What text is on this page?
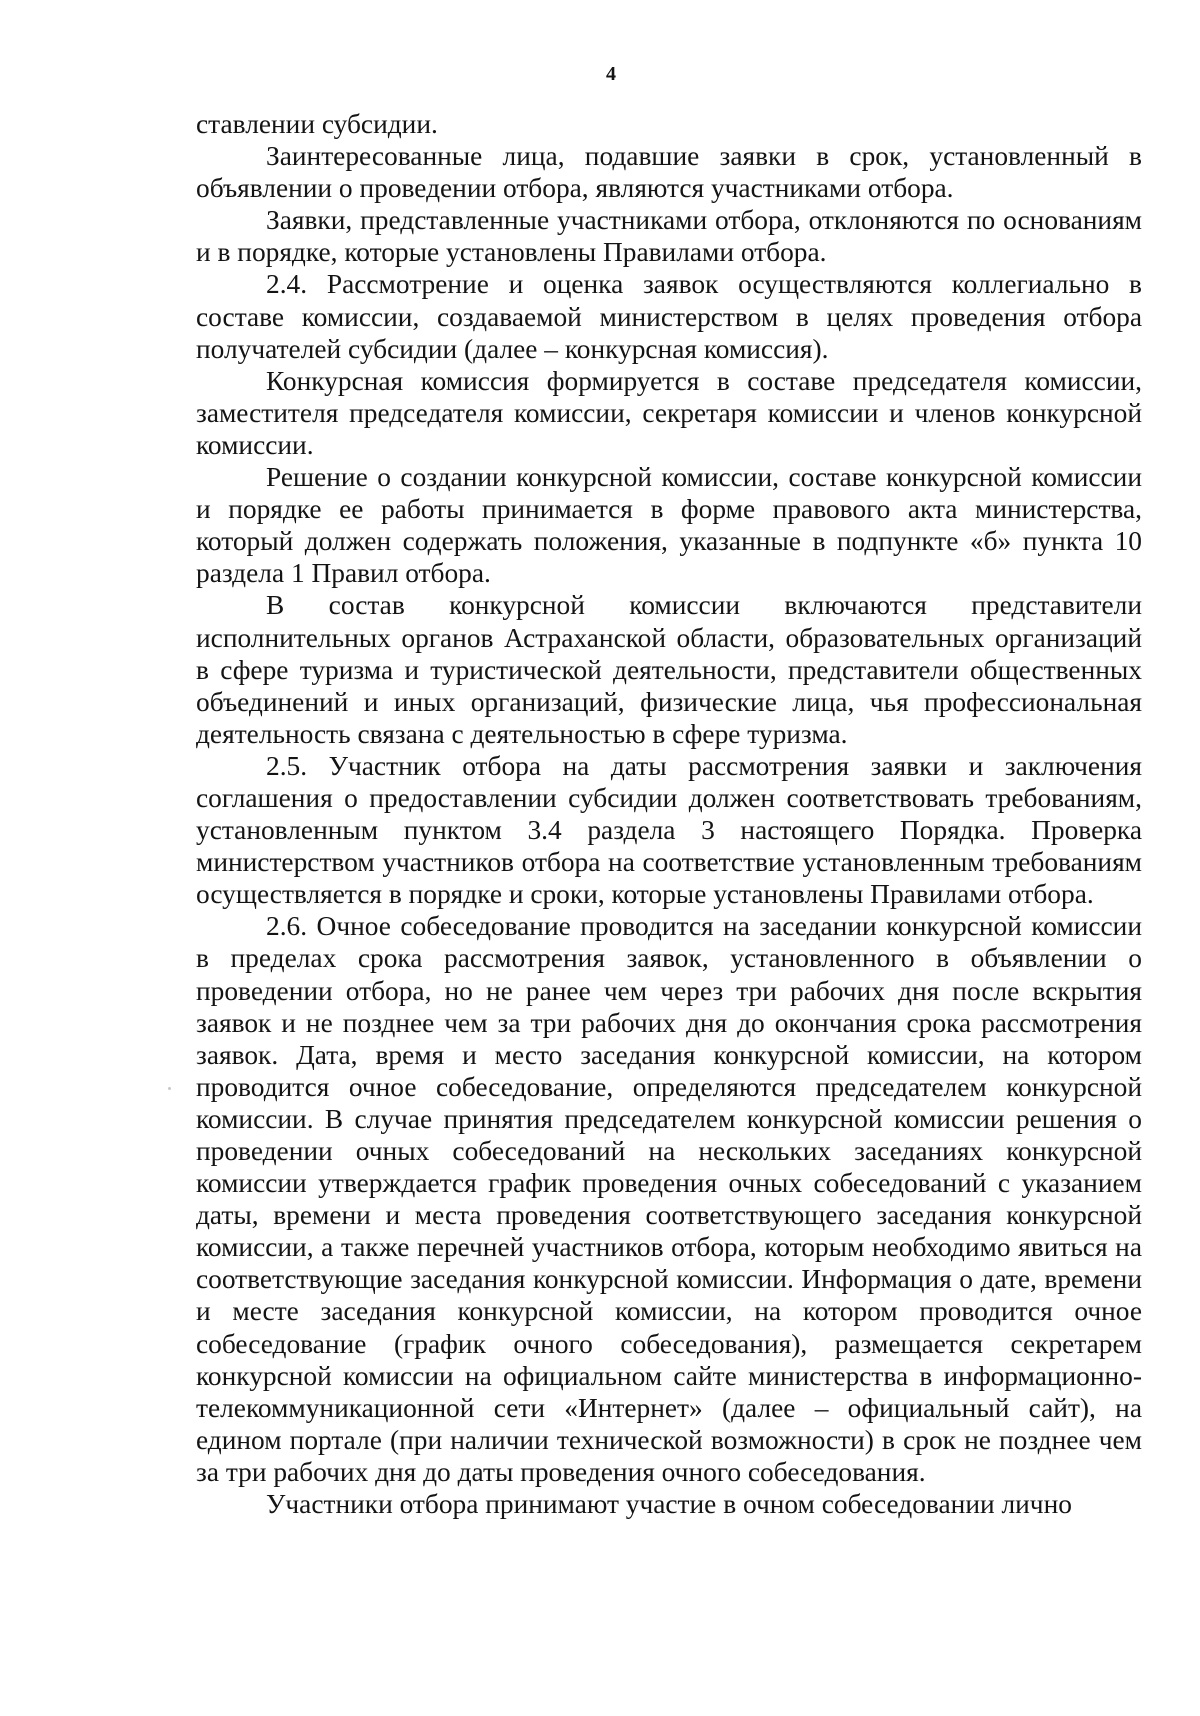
4

ставлении субсидии.

Заинтересованные лица, подавшие заявки в срок, установленный в объявлении о проведении отбора, являются участниками отбора.

Заявки, представленные участниками отбора, отклоняются по основаниям и в порядке, которые установлены Правилами отбора.

2.4. Рассмотрение и оценка заявок осуществляются коллегиально в составе комиссии, создаваемой министерством в целях проведения отбора получателей субсидии (далее – конкурсная комиссия).

Конкурсная комиссия формируется в составе председателя комиссии, заместителя председателя комиссии, секретаря комиссии и членов конкурсной комиссии.

Решение о создании конкурсной комиссии, составе конкурсной комиссии и порядке ее работы принимается в форме правового акта министерства, который должен содержать положения, указанные в подпункте «б» пункта 10 раздела 1 Правил отбора.

В состав конкурсной комиссии включаются представители исполнительных органов Астраханской области, образовательных организаций в сфере туризма и туристической деятельности, представители общественных объединений и иных организаций, физические лица, чья профессиональная деятельность связана с деятельностью в сфере туризма.

2.5. Участник отбора на даты рассмотрения заявки и заключения соглашения о предоставлении субсидии должен соответствовать требованиям, установленным пунктом 3.4 раздела 3 настоящего Порядка. Проверка министерством участников отбора на соответствие установленным требованиям осуществляется в порядке и сроки, которые установлены Правилами отбора.

2.6. Очное собеседование проводится на заседании конкурсной комиссии в пределах срока рассмотрения заявок, установленного в объявлении о проведении отбора, но не ранее чем через три рабочих дня после вскрытия заявок и не позднее чем за три рабочих дня до окончания срока рассмотрения заявок. Дата, время и место заседания конкурсной комиссии, на котором проводится очное собеседование, определяются председателем конкурсной комиссии. В случае принятия председателем конкурсной комиссии решения о проведении очных собеседований на нескольких заседаниях конкурсной комиссии утверждается график проведения очных собеседований с указанием даты, времени и места проведения соответствующего заседания конкурсной комиссии, а также перечней участников отбора, которым необходимо явиться на соответствующие заседания конкурсной комиссии. Информация о дате, времени и месте заседания конкурсной комиссии, на котором проводится очное собеседование (график очного собеседования), размещается секретарем конкурсной комиссии на официальном сайте министерства в информационно-телекоммуникационной сети «Интернет» (далее – официальный сайт), на едином портале (при наличии технической возможности) в срок не позднее чем за три рабочих дня до даты проведения очного собеседования.

Участники отбора принимают участие в очном собеседовании лично
